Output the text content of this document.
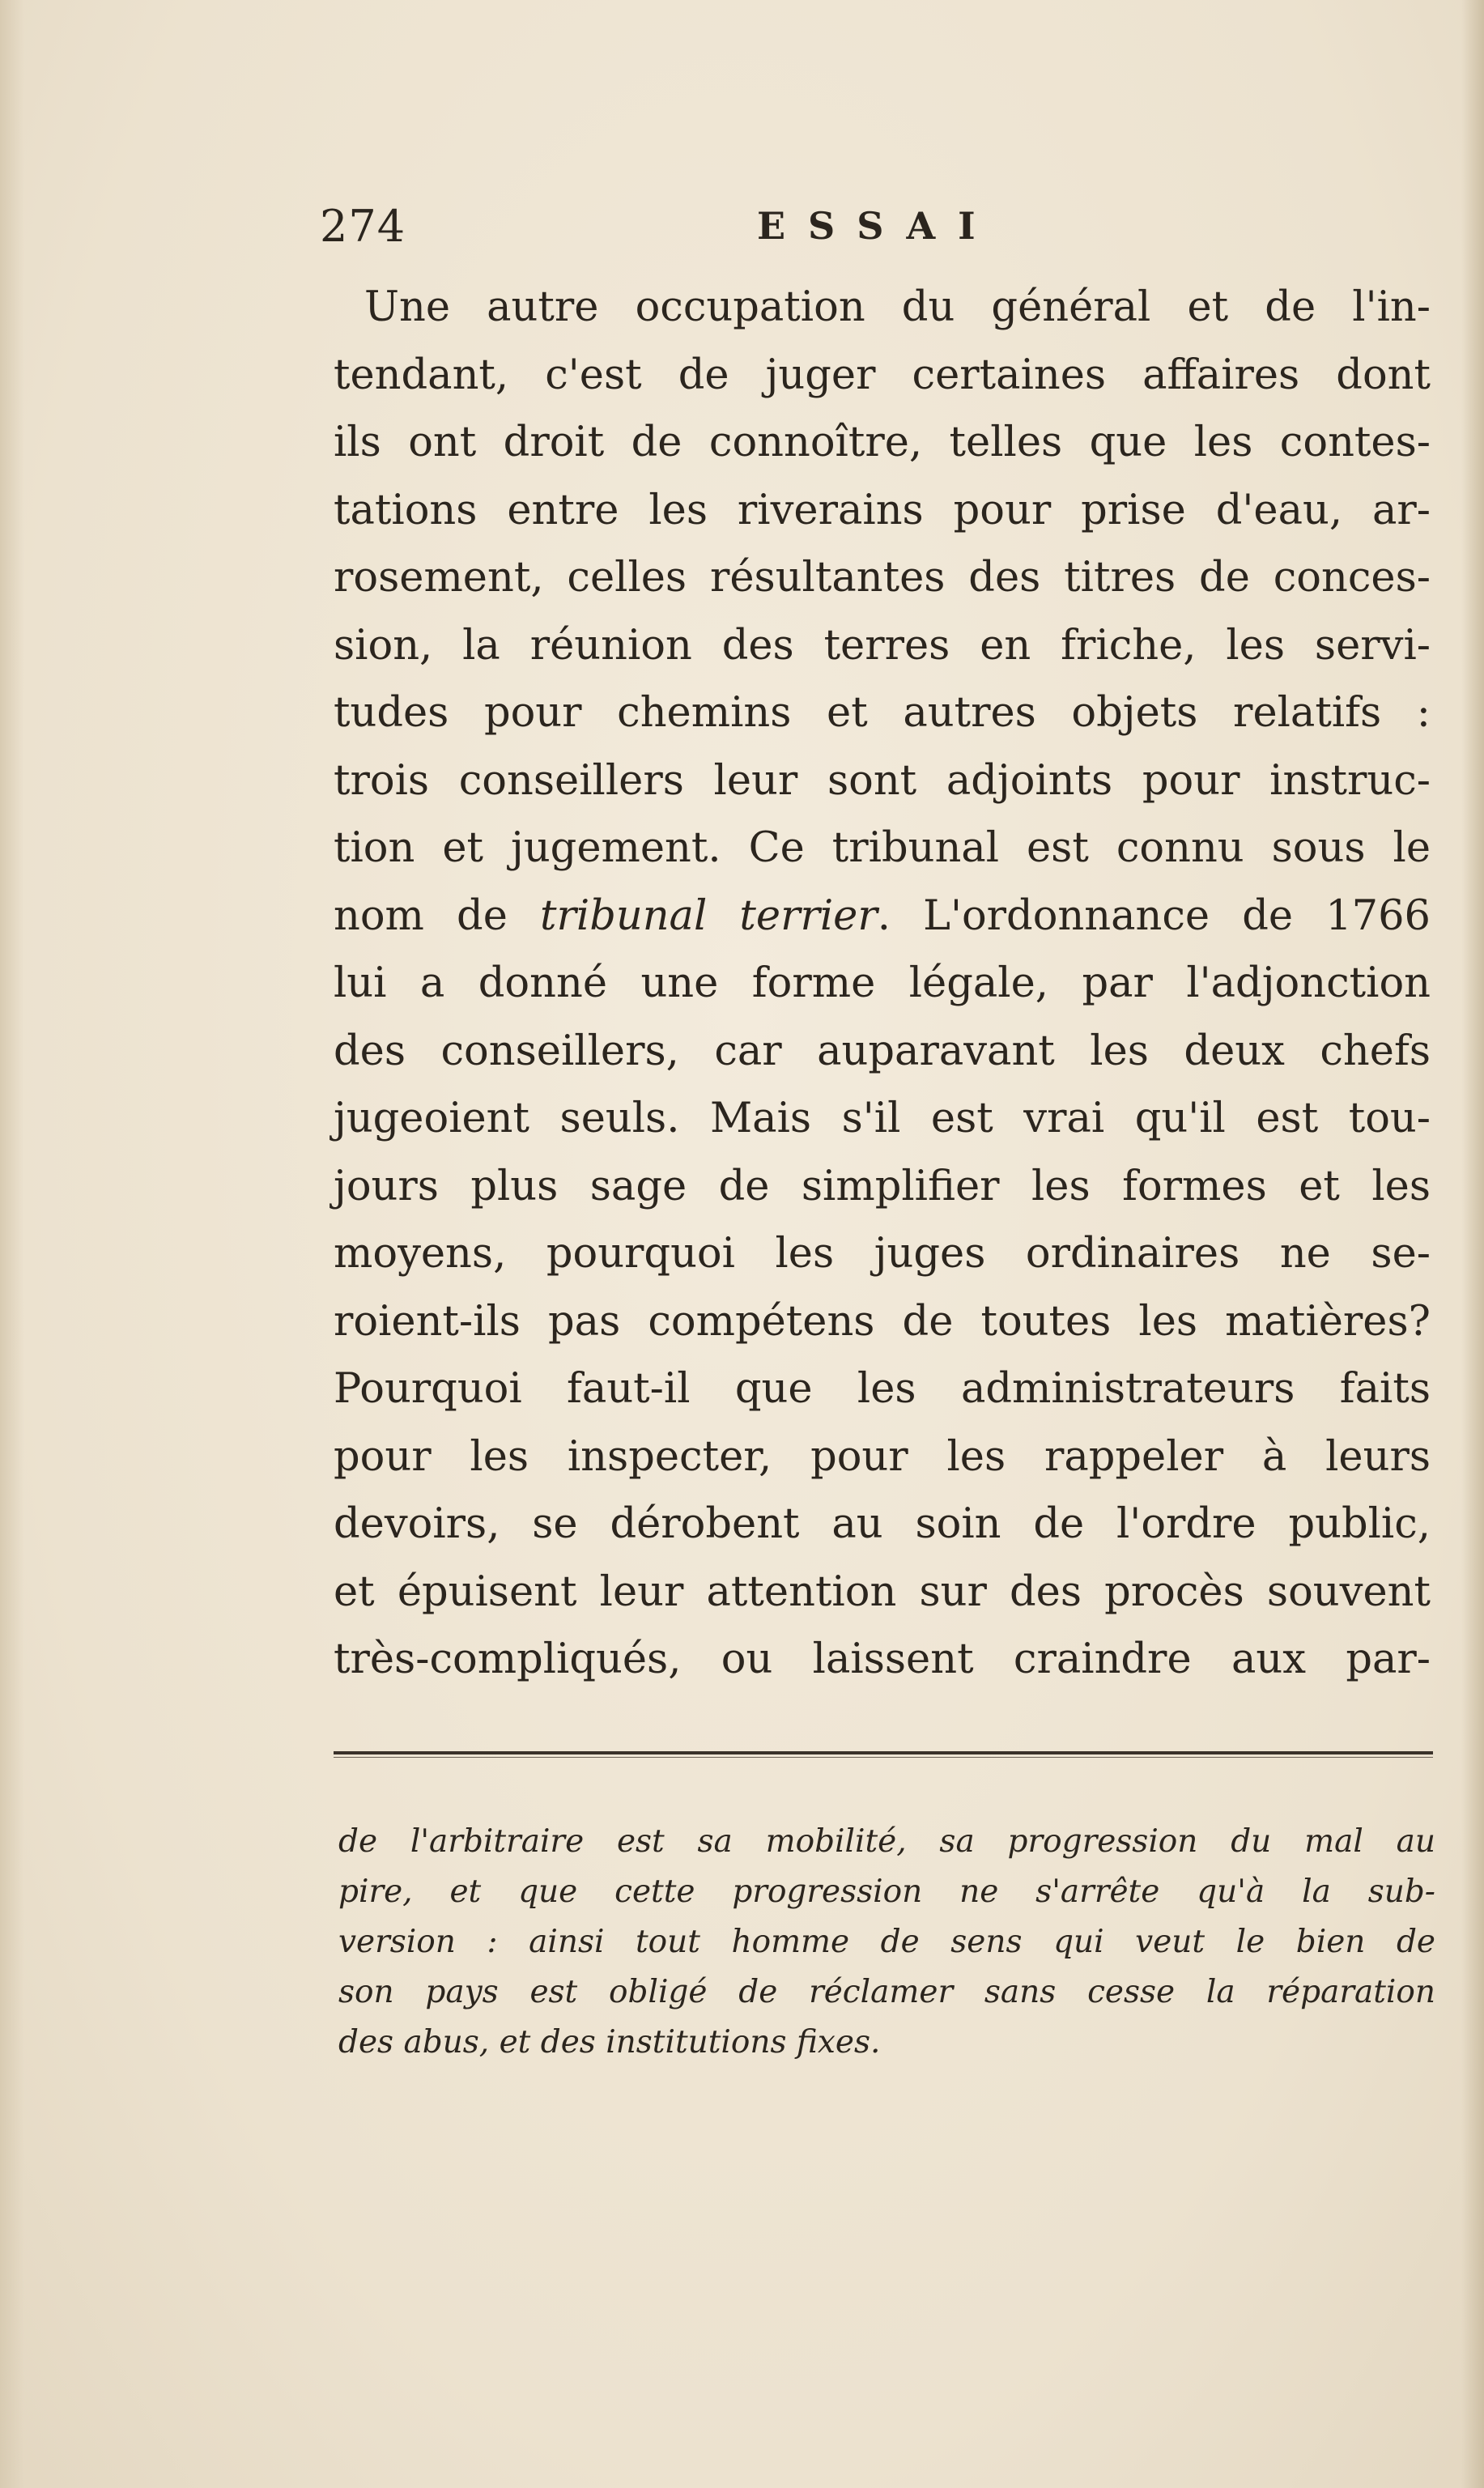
274	ESSAI
Une autre occupation du général et de l'in-
tendant, c'est de juger certaines affaires dont
ils ont droit de connoître, telles que les contes-
tations entre les riverains pour prise d'eau, ar-
rosement, celles résultantes des titres de conces-
sion, la réunion des terres en friche, les servi-
tudes pour chemins et autres objets relatifs :
trois conseillers leur sont adjoints pour instruc-
tion et jugement. Ce tribunal est connu sous le
nom de tribunal terrier. L'ordonnance de 1766
lui a donné une forme légale, par l'adjonction
des conseillers, car auparavant les deux chefs
jugeoient seuls. Mais s'il est vrai qu'il est tou-
jours plus sage de simplifier les formes et les
moyens, pourquoi les juges ordinaires ne se-
roient-ils pas compétens de toutes les matières?
Pourquoi faut-il que les administrateurs faits
pour les inspecter, pour les rappeler à leurs
devoirs, se dérobent au soin de l'ordre public,
et épuisent leur attention sur des procès souvent
très-compliqués, ou laissent craindre aux par-
de l'arbitraire est sa mobilité, sa progression du mal au
pire, et que cette progression ne s'arrête qu'à la sub-
version : ainsi tout homme de sens qui veut le bien de
son pays est obligé de réclamer sans cesse la réparation
des abus, et des institutions fixes.
